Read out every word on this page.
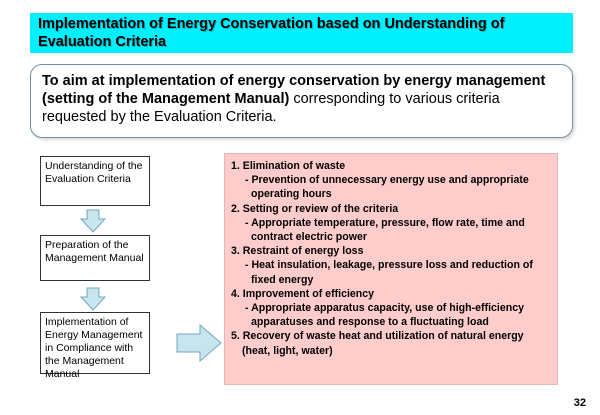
Implementation of Energy Conservation based on Understanding of Evaluation Criteria
To aim at implementation of energy conservation by energy management (setting of the Management Manual) corresponding to various criteria requested by the Evaluation Criteria.
Understanding of the Evaluation Criteria
Preparation of the Management Manual
Implementation of Energy Management in Compliance with the Management Manual
1. Elimination of waste
- Prevention of unnecessary energy use and appropriate operating hours
2. Setting or review of the criteria
- Appropriate temperature, pressure, flow rate, time and contract electric power
3. Restraint of energy loss
- Heat insulation, leakage, pressure loss and reduction of fixed energy
4. Improvement of efficiency
- Appropriate apparatus capacity, use of high-efficiency apparatuses and response to a fluctuating load
5. Recovery of waste heat and utilization of natural energy (heat, light, water)
32
